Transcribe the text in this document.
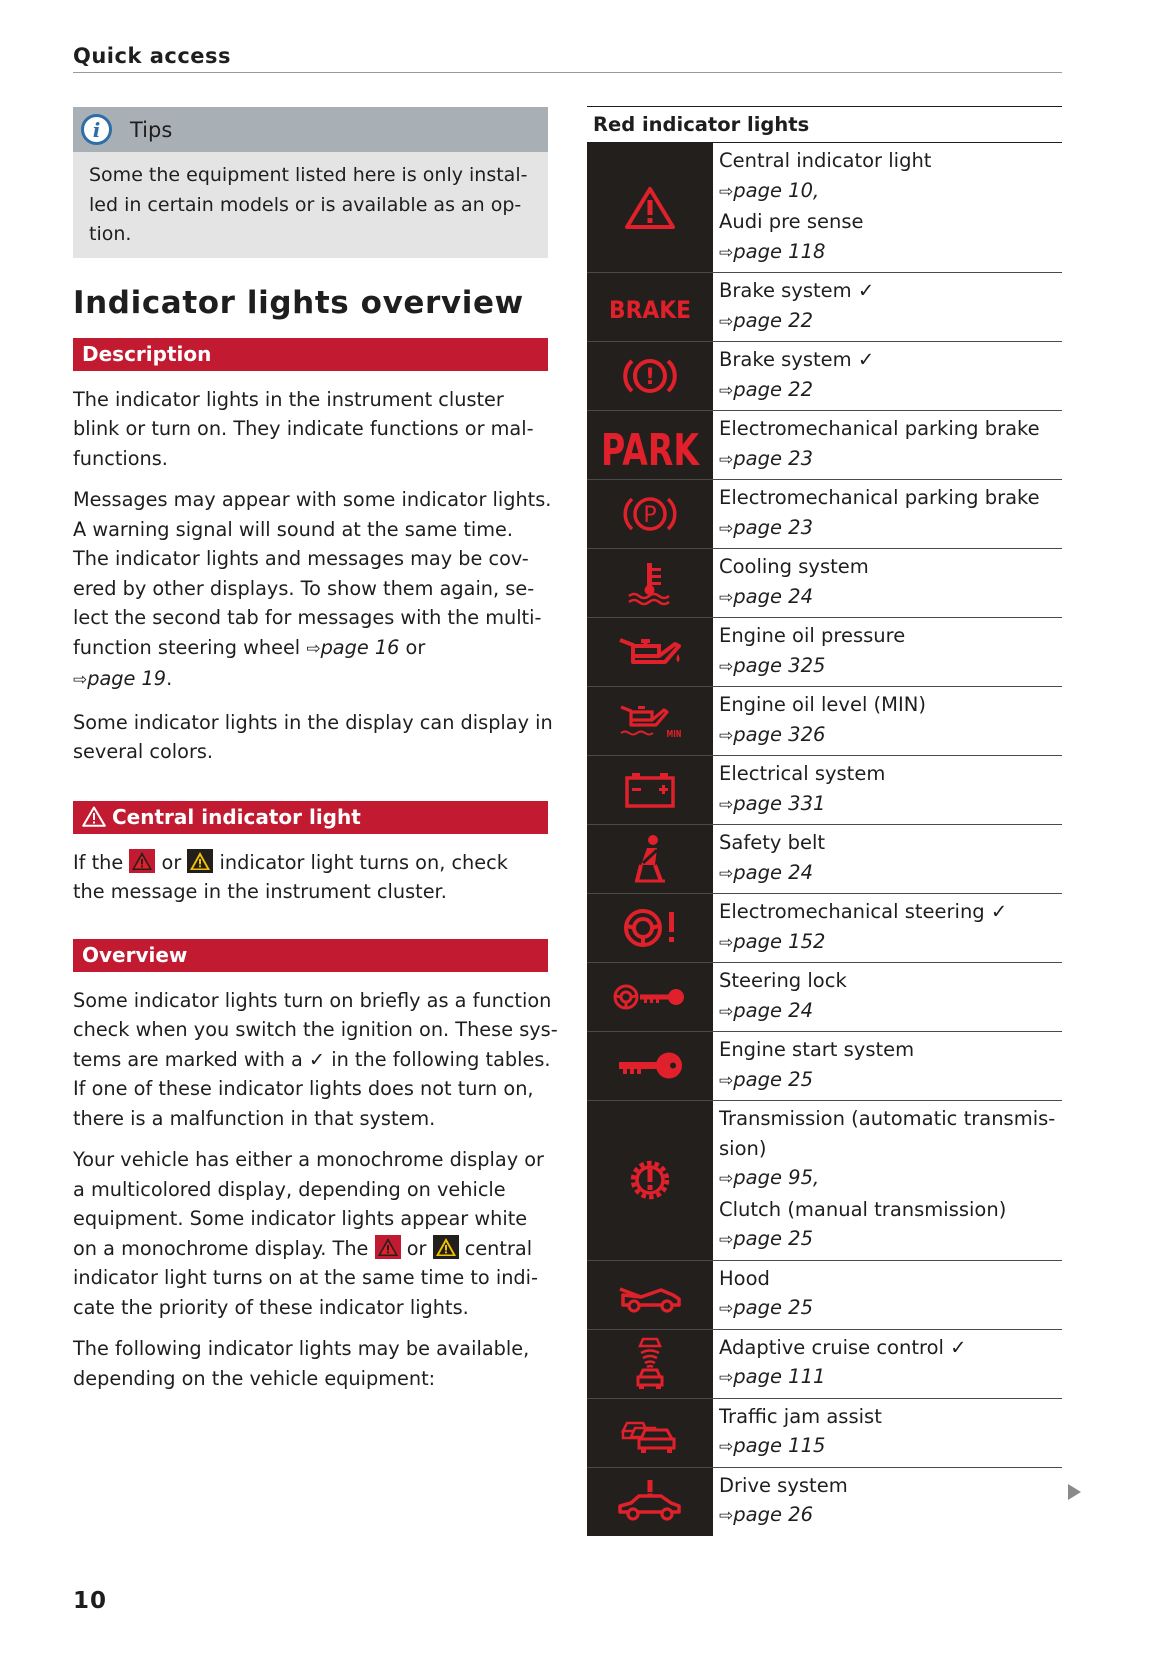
Quick access
i	Tips
Some the equipment listed here is only instal-
led in certain models or is available as an op-
tion.
Indicator lights overview
Description

The indicator lights in the instrument cluster
blink or turn on. They indicate functions or mal-
functions.

Messages may appear with some indicator lights.
A warning signal will sound at the same time.
The indicator lights and messages may be cov-
ered by other displays. To show them again, se-
lect the second tab for messages with the multi-
function steering wheel ⇨page 16 or
⇨page 19.

Some indicator lights in the display can display in
several colors.

Central indicator light

If the or indicator light turns on, check
the message in the instrument cluster.

Overview

Some indicator lights turn on briefly as a function
check when you switch the ignition on. These sys-
tems are marked with a ✓ in the following tables.
If one of these indicator lights does not turn on,
there is a malfunction in that system.

Your vehicle has either a monochrome display or
a multicolored display, depending on vehicle
equipment. Some indicator lights appear white
on a monochrome display. The or central
indicator light turns on at the same time to indi-
cate the priority of these indicator lights.

The following indicator lights may be available,
depending on the vehicle equipment:

Red indicator lights
Central indicator light
⇨page 10,
Audi pre sense
⇨page 118
BRAKE
Brake system ✓
⇨page 22
!
Brake system ✓
⇨page 22
PARK Electromechanical parking brake
⇨page 23
P
Electromechanical parking brake
⇨page 23
Cooling system
⇨page 24
Engine oil pressure
⇨page 325
MIN
Engine oil level (MIN)
⇨page 326
Electrical system
⇨page 331
Safety belt
⇨page 24
Electromechanical steering ✓
⇨page 152
Steering lock
⇨page 24
Engine start system
⇨page 25
Transmission (automatic transmis-
sion)
⇨page 95,
Clutch (manual transmission)
⇨page 25
Hood
⇨page 25
Adaptive cruise control ✓
⇨page 111
Traffic jam assist
⇨page 115
Drive system
⇨page 26
10
